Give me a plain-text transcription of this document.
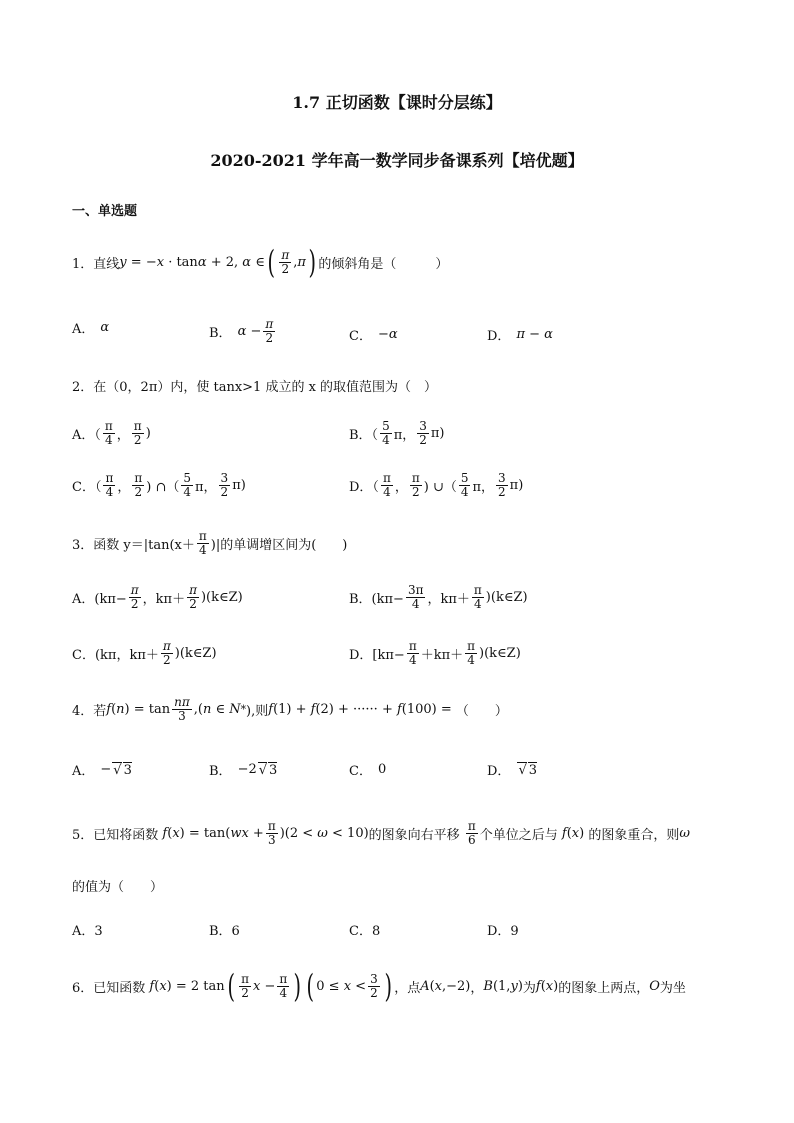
1.7 正切函数【课时分层练】
2020-2021 学年高一数学同步备课系列【培优题】
一、单选题
1． 直线 y = − x · tan α + 2, α ∈ ( $\frac{\pi}{2}$ , π ) 的倾斜角是（　　　）
A． α	B． $\alpha - \frac{\pi}{2}$	C． −α	D． π − α
2．在（0，2π）内，使 tanx>1 成立的 x 的取值范围为（　）
A．（ $\frac{\pi}{4}$ ， $\frac{\pi}{2}$ )	B．（ $\frac{5}{4}$ π， $\frac{3}{2} \pi$)
C．（ $\frac{\pi}{4}$ ， $\frac{\pi}{2}$ ) ∩（ $\frac{5}{4}$ π， $\frac{3}{2} \pi$)	D．（ $\frac{\pi}{4}$ ， $\frac{\pi}{2}$ ) ∪（ $\frac{5}{4}$ π， $\frac{3}{2} \pi$)
3．函数 $y=|\tan(x+ \frac{\pi}{4}$ )|的单调增区间为(　　)
A．($k\pi- \frac{\pi}{2}$ ，$k\pi+ \frac{\pi}{2}$ )(k∈Z)	B．($k\pi- \frac{3\pi}{4}$ ，$k\pi+ \frac{\pi}{4}$ )(k∈Z)
C．(kπ，$k\pi+ \frac{\pi}{2}$ )(k∈Z)	D．[$k\pi- \frac{\pi}{4} +k\pi+ \frac{\pi}{4}$ )(k∈Z)
4．若 f ( n ) = $\tan \frac{n\pi}{3}$ ,( n ∈ N * ),则 f (1) + f (2) + ······ + f (100) = （　　）
A． − √ 3	B． −2 √ 3	C． 0	D． √ 3
5．已知将函数
f ( x ) = tan( wx + $\frac{\pi}{3} )(2 < \omega < 10)$ 的图象向右平移
$\frac{\pi}{6}$ 个单位之后与
f ( x ) 的图象重合，则 ω
的值为（　　）
A．3	B．6	C．8	D．9
6．已知函数
f ( x ) = 2 tan ( $\frac{\pi}{2}$ $x - \frac{\pi}{4}$ ) ( $0 \le x < \frac{3}{2}$ ) ，点 A ( x ,−2) ， B (1, y ) 为 f ( x ) 的图象上两点， O 为坐
